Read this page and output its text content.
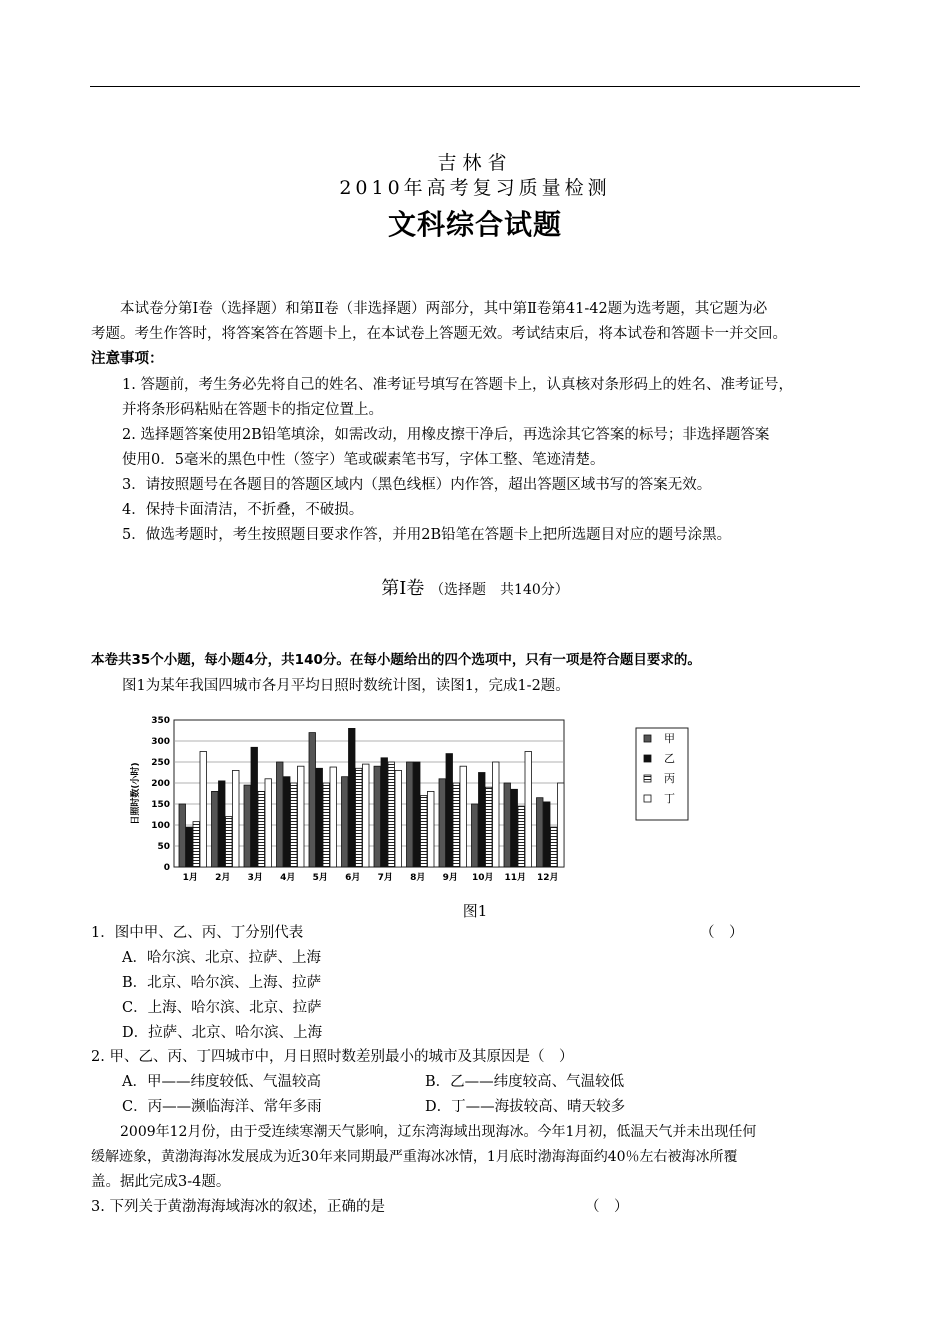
吉林省
2010年高考复习质量检测
文科综合试题
本试卷分第Ⅰ卷（选择题）和第Ⅱ卷（非选择题）两部分，其中第Ⅱ卷第41-42题为选考题，其它题为必
考题。考生作答时，将答案答在答题卡上，在本试卷上答题无效。考试结束后，将本试卷和答题卡一并交回。
注意事项：
1. 答题前，考生务必先将自己的姓名、准考证号填写在答题卡上，认真核对条形码上的姓名、准考证号，
并将条形码粘贴在答题卡的指定位置上。
2. 选择题答案使用2B铅笔填涂，如需改动，用橡皮擦干净后，再选涂其它答案的标号；非选择题答案
使用0．5毫米的黑色中性（签字）笔或碳素笔书写，字体工整、笔迹清楚。
3．请按照题号在各题目的答题区域内（黑色线框）内作答，超出答题区域书写的答案无效。
4．保持卡面清洁，不折叠，不破损。
5．做选考题时，考生按照题目要求作答，并用2B铅笔在答题卡上把所选题目对应的题号涂黑。
第Ⅰ卷 （选择题　共140分）
本卷共35个小题，每小题4分，共140分。在每小题给出的四个选项中，只有一项是符合题目要求的。
图1为某年我国四城市各月平均日照时数统计图，读图1，完成1-2题。
0
50
100
150
200
250
300
350
日照时数(小时)
1月 2月 3月 4月 5月 6月 7月 8月 9月 10月 11月 12月
甲
乙
丙
丁
图1
1．图中甲、乙、丙、丁分别代表	（　）
A．哈尔滨、北京、拉萨、上海
B．北京、哈尔滨、上海、拉萨
C．上海、哈尔滨、北京、拉萨
D．拉萨、北京、哈尔滨、上海
2. 甲、乙、丙、丁四城市中，月日照时数差别最小的城市及其原因是（　）
A．甲——纬度较低、气温较高	B．乙——纬度较高、气温较低
C．丙——濒临海洋、常年多雨	D．丁——海拔较高、晴天较多
2009年12月份，由于受连续寒潮天气影响，辽东湾海域出现海冰。今年1月初，低温天气并未出现任何
缓解迹象，黄渤海海冰发展成为近30年来同期最严重海冰冰情，1月底时渤海海面约40％左右被海冰所覆
盖。据此完成3-4题。
3. 下列关于黄渤海海域海冰的叙述，正确的是	（　）
